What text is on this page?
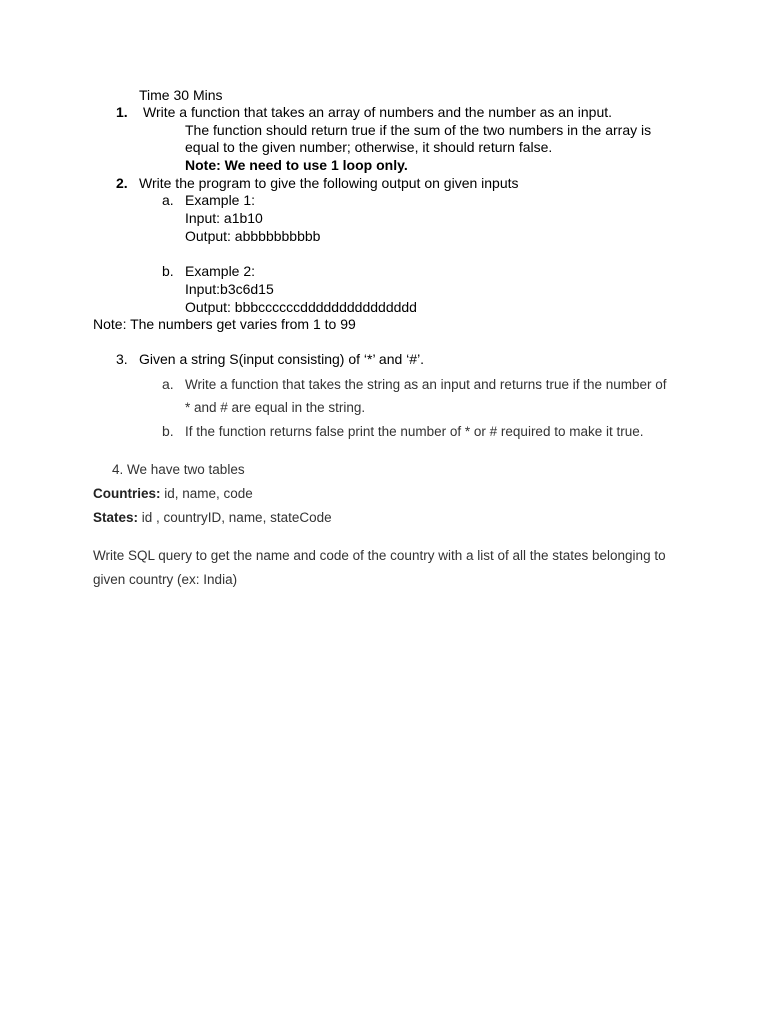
Time 30 Mins
1. Write a function that takes an array of numbers and the number as an input.
The function should return true if the sum of the two numbers in the array is
equal to the given number; otherwise, it should return false.
Note: We need to use 1 loop only.
2. Write the program to give the following output on given inputs
a. Example 1:
Input: a1b10
Output: abbbbbbbbbb
b. Example 2:
Input:b3c6d15
Output: bbbccccccddddddddddddddd
Note: The numbers get varies from 1 to 99
3. Given a string S(input consisting) of ‘*’ and ‘#’.
a. Write a function that takes the string as an input and returns true if the number of
* and # are equal in the string.
b. If the function returns false print the number of * or # required to make it true.
4. We have two tables
Countries: id, name, code
States: id , countryID, name, stateCode
Write SQL query to get the name and code of the country with a list of all the states belonging to
given country (ex: India)
